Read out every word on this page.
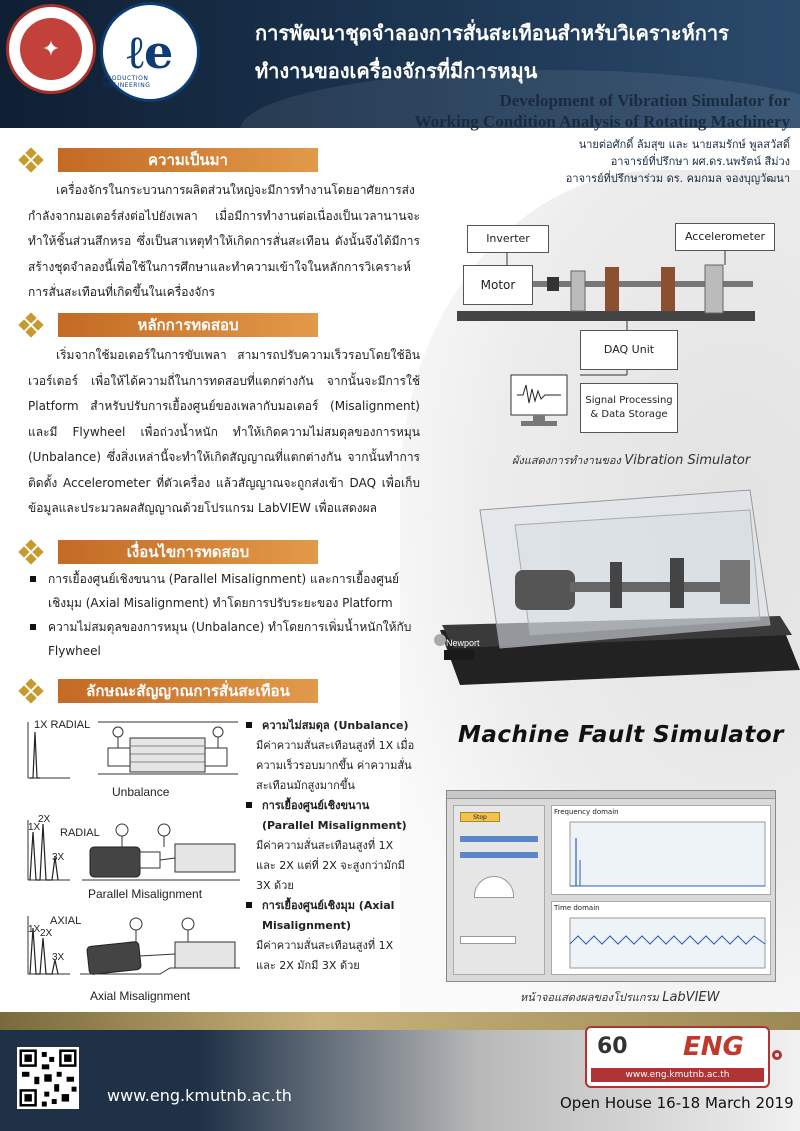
✦	ℓe
PRODUCTION ENGINEERING
การพัฒนาชุดจำลองการสั่นสะเทือนสำหรับวิเคราะห์การ
ทำงานของเครื่องจักรที่มีการหมุน
Development of Vibration Simulator for
Working Condition Analysis of Rotating Machinery
นายต่อศักดิ์ ล้มสุข และ นายสมรักษ์ พูลสวัสดิ์
อาจารย์ที่ปรึกษา ผศ.ดร.นพรัตน์ สีม่วง
อาจารย์ที่ปรึกษาร่วม ดร. คมกมล จองบุญวัฒนา
ความเป็นมา
เครื่องจักรในกระบวนการผลิตส่วนใหญ่จะมีการทำงานโดยอาศัยการส่งกำลังจากมอเตอร์ส่งต่อไปยังเพลา เมื่อมีการทำงานต่อเนื่องเป็นเวลานานจะทำให้ชิ้นส่วนสึกหรอ ซึ่งเป็นสาเหตุทำให้เกิดการสั่นสะเทือน ดังนั้นจึงได้มีการสร้างชุดจำลองนี้เพื่อใช้ในการศึกษาและทำความเข้าใจในหลักการวิเคราะห์การสั่นสะเทือนที่เกิดขึ้นในเครื่องจักร
หลักการทดสอบ
เริ่มจากใช้มอเตอร์ในการขับเพลา สามารถปรับความเร็วรอบโดยใช้อินเวอร์เตอร์ เพื่อให้ได้ความถี่ในการทดสอบที่แตกต่างกัน จากนั้นจะมีการใช้ Platform สำหรับปรับการเยื้องศูนย์ของเพลากับมอเตอร์ (Misalignment) และมี Flywheel เพื่อถ่วงน้ำหนัก ทำให้เกิดความไม่สมดุลของการหมุน (Unbalance) ซึ่งสิ่งเหล่านี้จะทำให้เกิดสัญญาณที่แตกต่างกัน จากนั้นทำการติดตั้ง Accelerometer ที่ตัวเครื่อง แล้วสัญญาณจะถูกส่งเข้า DAQ เพื่อเก็บข้อมูลและประมวลผลสัญญาณด้วยโปรแกรม LabVIEW เพื่อแสดงผล
เงื่อนไขการทดสอบ
การเยื้องศูนย์เชิงขนาน (Parallel Misalignment) และการเยื้องศูนย์เชิงมุม (Axial Misalignment) ทำโดยการปรับระยะของ Platform
ความไม่สมดุลของการหมุน (Unbalance) ทำโดยการเพิ่มน้ำหนักให้กับ Flywheel
ลักษณะสัญญาณการสั่นสะเทือน
1X RADIAL
Unbalance
1X
2X
3X
RADIAL
Parallel Misalignment
1X 2X
3X
AXIAL
Axial Misalignment
ความไม่สมดุล (Unbalance)
มีค่าความสั่นสะเทือนสูงที่ 1X เมื่อความเร็วรอบมากขึ้น ค่าความสั่นสะเทือนมักสูงมากขึ้น
การเยื้องศูนย์เชิงขนาน (Parallel Misalignment)
มีค่าความสั่นสะเทือนสูงที่ 1X และ 2X แต่ที่ 2X จะสูงกว่ามักมี 3X ด้วย
การเยื้องศูนย์เชิงมุม (Axial Misalignment)
มีค่าความสั่นสะเทือนสูงที่ 1X และ 2X มักมี 3X ด้วย
Inverter	Accelerometer
Motor
DAQ Unit
Signal Processing & Data Storage
ผังแสดงการทำงานของ Vibration Simulator
Newport
Machine Fault Simulator
Stop
Frequency domain
Time domain
หน้าจอแสดงผลของโปรแกรม LabVIEW
www.eng.kmutnb.ac.th
60 ENG
www.eng.kmutnb.ac.th
Open House 16-18 March 2019
